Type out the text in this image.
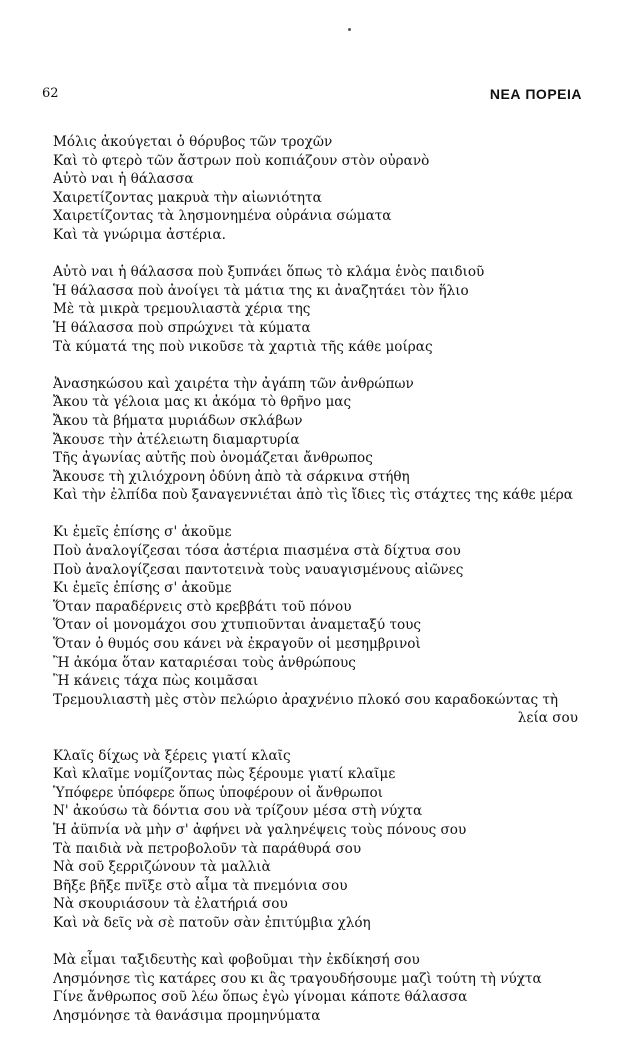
62	ΝΕΑ ΠΟΡΕΙΑ
Μόλις ἀκούγεται ὁ θόρυβος τῶν τροχῶν
Καὶ τὸ φτερὸ τῶν ἄστρων ποὺ κοπιάζουν στὸν οὐρανὸ
Αὐτὸ ναι ἡ θάλασσα
Χαιρετίζοντας μακρυὰ τὴν αἰωνιότητα
Χαιρετίζοντας τὰ λησμονημένα οὐράνια σώματα
Καὶ τὰ γνώριμα ἀστέρια.
Αὐτὸ ναι ἡ θάλασσα ποὺ ξυπνάει ὅπως τὸ κλάμα ἑνὸς παιδιοῦ
Ἡ θάλασσα ποὺ ἀνοίγει τὰ μάτια της κι ἀναζητάει τὸν ἥλιο
Μὲ τὰ μικρὰ τρεμουλιαστὰ χέρια της
Ἡ θάλασσα ποὺ σπρώχνει τὰ κύματα
Τὰ κύματά της ποὺ νικοῦσε τὰ χαρτιὰ τῆς κάθε μοίρας
Ἀνασηκώσου καὶ χαιρέτα τὴν ἀγάπη τῶν ἀνθρώπων
Ἄκου τὰ γέλοια μας κι ἀκόμα τὸ θρῆνο μας
Ἄκου τὰ βήματα μυριάδων σκλάβων
Ἄκουσε τὴν ἀτέλειωτη διαμαρτυρία
Τῆς ἀγωνίας αὐτῆς ποὺ ὀνομάζεται ἄνθρωπος
Ἄκουσε τὴ χιλιόχρονη ὀδύνη ἀπὸ τὰ σάρκινα στήθη
Καὶ τὴν ἐλπίδα ποὺ ξαναγεννιέται ἀπὸ τὶς ἴδιες τὶς στάχτες της κάθε μέρα
Κι ἐμεῖς ἐπίσης σ' ἀκοῦμε
Ποὺ ἀναλογίζεσαι τόσα ἀστέρια πιασμένα στὰ δίχτυα σου
Ποὺ ἀναλογίζεσαι παντοτεινὰ τοὺς ναυαγισμένους αἰῶνες
Κι ἐμεῖς ἐπίσης σ' ἀκοῦμε
Ὅταν παραδέρνεις στὸ κρεββάτι τοῦ πόνου
Ὅταν οἱ μονομάχοι σου χτυπιοῦνται ἀναμεταξύ τους
Ὅταν ὁ θυμός σου κάνει νὰ ἐκραγοῦν οἱ μεσημβρινοὶ
Ἢ ἀκόμα ὅταν καταριέσαι τοὺς ἀνθρώπους
Ἢ κάνεις τάχα πὼς κοιμᾶσαι
Τρεμουλιαστὴ μὲς στὸν πελώριο ἀραχνένιο πλοκό σου καραδοκώντας τὴ
λεία σου
Κλαῖς δίχως νὰ ξέρεις γιατί κλαῖς
Καὶ κλαῖμε νομίζοντας πὼς ξέρουμε γιατί κλαῖμε
Ὑπόφερε ὑπόφερε ὅπως ὑποφέρουν οἱ ἄνθρωποι
Ν' ἀκούσω τὰ δόντια σου νὰ τρίζουν μέσα στὴ νύχτα
Ἡ ἀϋπνία νὰ μὴν σ' ἀφήνει νὰ γαληνέψεις τοὺς πόνους σου
Τὰ παιδιὰ νὰ πετροβολοῦν τὰ παράθυρά σου
Νὰ σοῦ ξερριζώνουν τὰ μαλλιὰ
Βῆξε βῆξε πνῖξε στὸ αἷμα τὰ πνεμόνια σου
Νὰ σκουριάσουν τὰ ἐλατήριά σου
Καὶ νὰ δεῖς νὰ σὲ πατοῦν σὰν ἐπιτύμβια χλόη
Μὰ εἶμαι ταξιδευτὴς καὶ φοβοῦμαι τὴν ἐκδίκησή σου
Λησμόνησε τὶς κατάρες σου κι ἂς τραγουδήσουμε μαζὶ τούτη τὴ νύχτα
Γίνε ἄνθρωπος σοῦ λέω ὅπως ἐγὼ γίνομαι κάποτε θάλασσα
Λησμόνησε τὰ θανάσιμα προμηνύματα
